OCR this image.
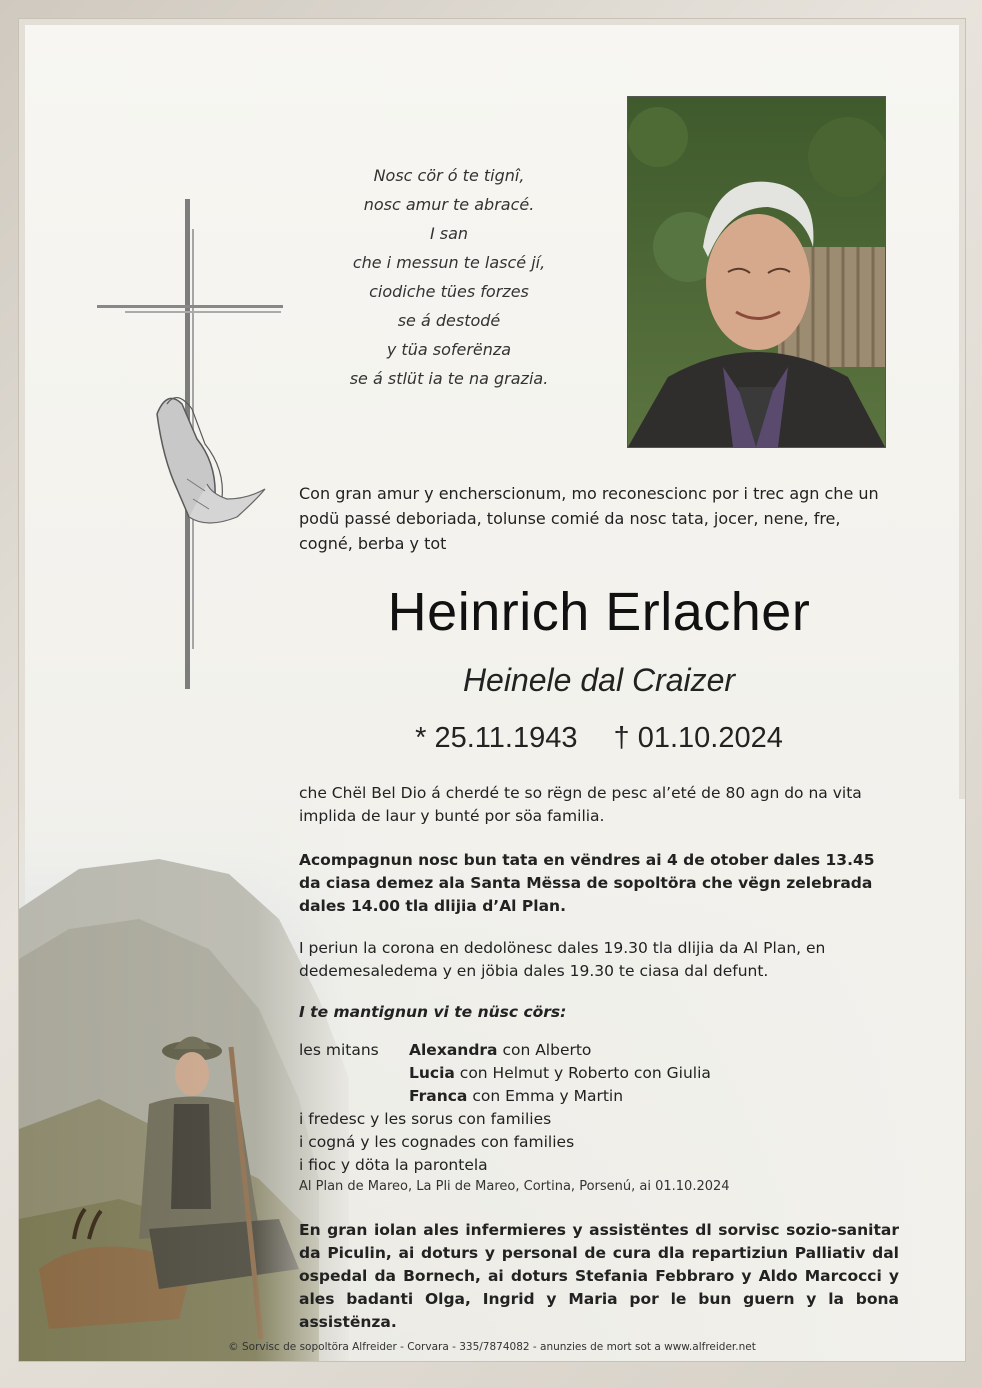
Nosc cör ó te tignî,
nosc amur te abracé.
I san
che i messun te lascé jí,
ciodiche tües forzes
se á destodé
y tüa soferënza
se á stlüt ia te na grazia.
Con gran amur y encherscionum, mo reconescionc por i trec agn che un podü passé deboriada, tolunse comié da nosc tata, jocer, nene, fre, cogné, berba y tot
Heinrich Erlacher
Heinele dal Craizer
* 25.11.1943 † 01.10.2024
che Chël Bel Dio á cherdé te so rëgn de pesc al’eté de 80 agn do na vita implida de laur y bunté por söa familia.
Acompagnun nosc bun tata en vëndres ai 4 de otober dales 13.45 da ciasa demez ala Santa Mëssa de sopoltöra che vëgn zelebrada dales 14.00 tla dlijia d’Al Plan.
I periun la corona en dedolönesc dales 19.30 tla dlijia da Al Plan, en dedemesaledema y en jöbia dales 19.30 te ciasa dal defunt.
I te mantignun vi te nüsc cörs:
les mitans	Alexandra con Alberto
Lucia con Helmut y Roberto con Giulia
Franca con Emma y Martin
i fredesc y les sorus con families
i cogná y les cognades con families
i fioc y döta la parontela
Al Plan de Mareo, La Pli de Mareo, Cortina, Porsenú, ai 01.10.2024
En gran iolan ales infermieres y assistëntes dl sorvisc sozio-sanitar da Piculin, ai doturs y personal de cura dla repartiziun Palliativ dal ospedal da Bornech, ai doturs Stefania Febbraro y Aldo Marcocci y ales badanti Olga, Ingrid y Maria por le bun guern y la bona assistënza.
© Sorvisc de sopoltöra Alfreider - Corvara - 335/7874082 - anunzies de mort sot a www.alfreider.net
